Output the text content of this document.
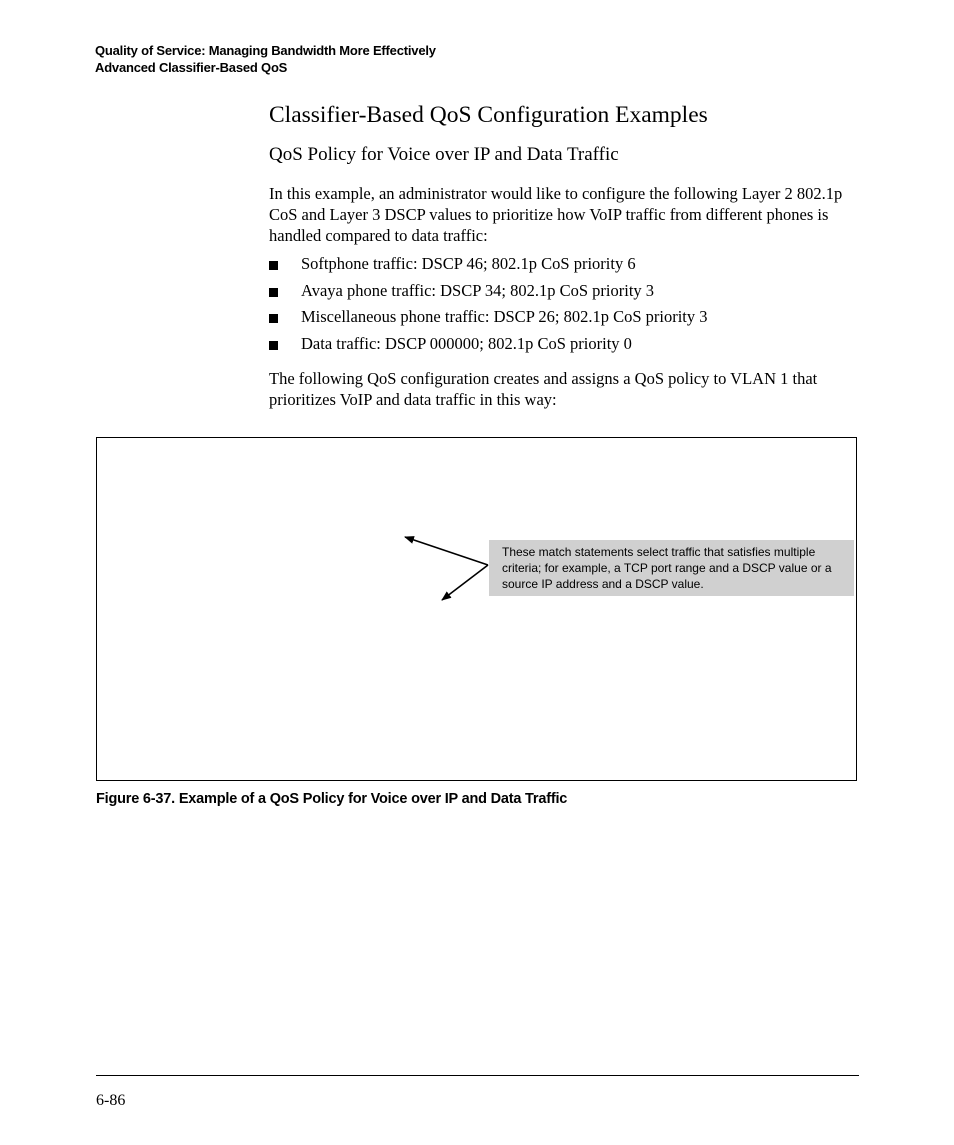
Quality of Service: Managing Bandwidth More Effectively
Advanced Classifier-Based QoS
Classifier-Based QoS Configuration Examples
QoS Policy for Voice over IP and Data Traffic

In this example, an administrator would like to configure the following Layer 2 802.1p CoS and Layer 3 DSCP values to prioritize how VoIP traffic from different phones is handled compared to data traffic:

Softphone traffic: DSCP 46; 802.1p CoS priority 6
Avaya phone traffic: DSCP 34; 802.1p CoS priority 3
Miscellaneous phone traffic: DSCP 26; 802.1p CoS priority 3
Data traffic: DSCP 000000; 802.1p CoS priority 0

The following QoS configuration creates and assigns a QoS policy to VLAN 1 that prioritizes VoIP and data traffic in this way:

These match statements select traffic that satisfies multiple criteria; for example, a TCP port range and a DSCP value or a source IP address and a DSCP value.
Figure 6-37. Example of a QoS Policy for Voice over IP and Data Traffic
6-86
